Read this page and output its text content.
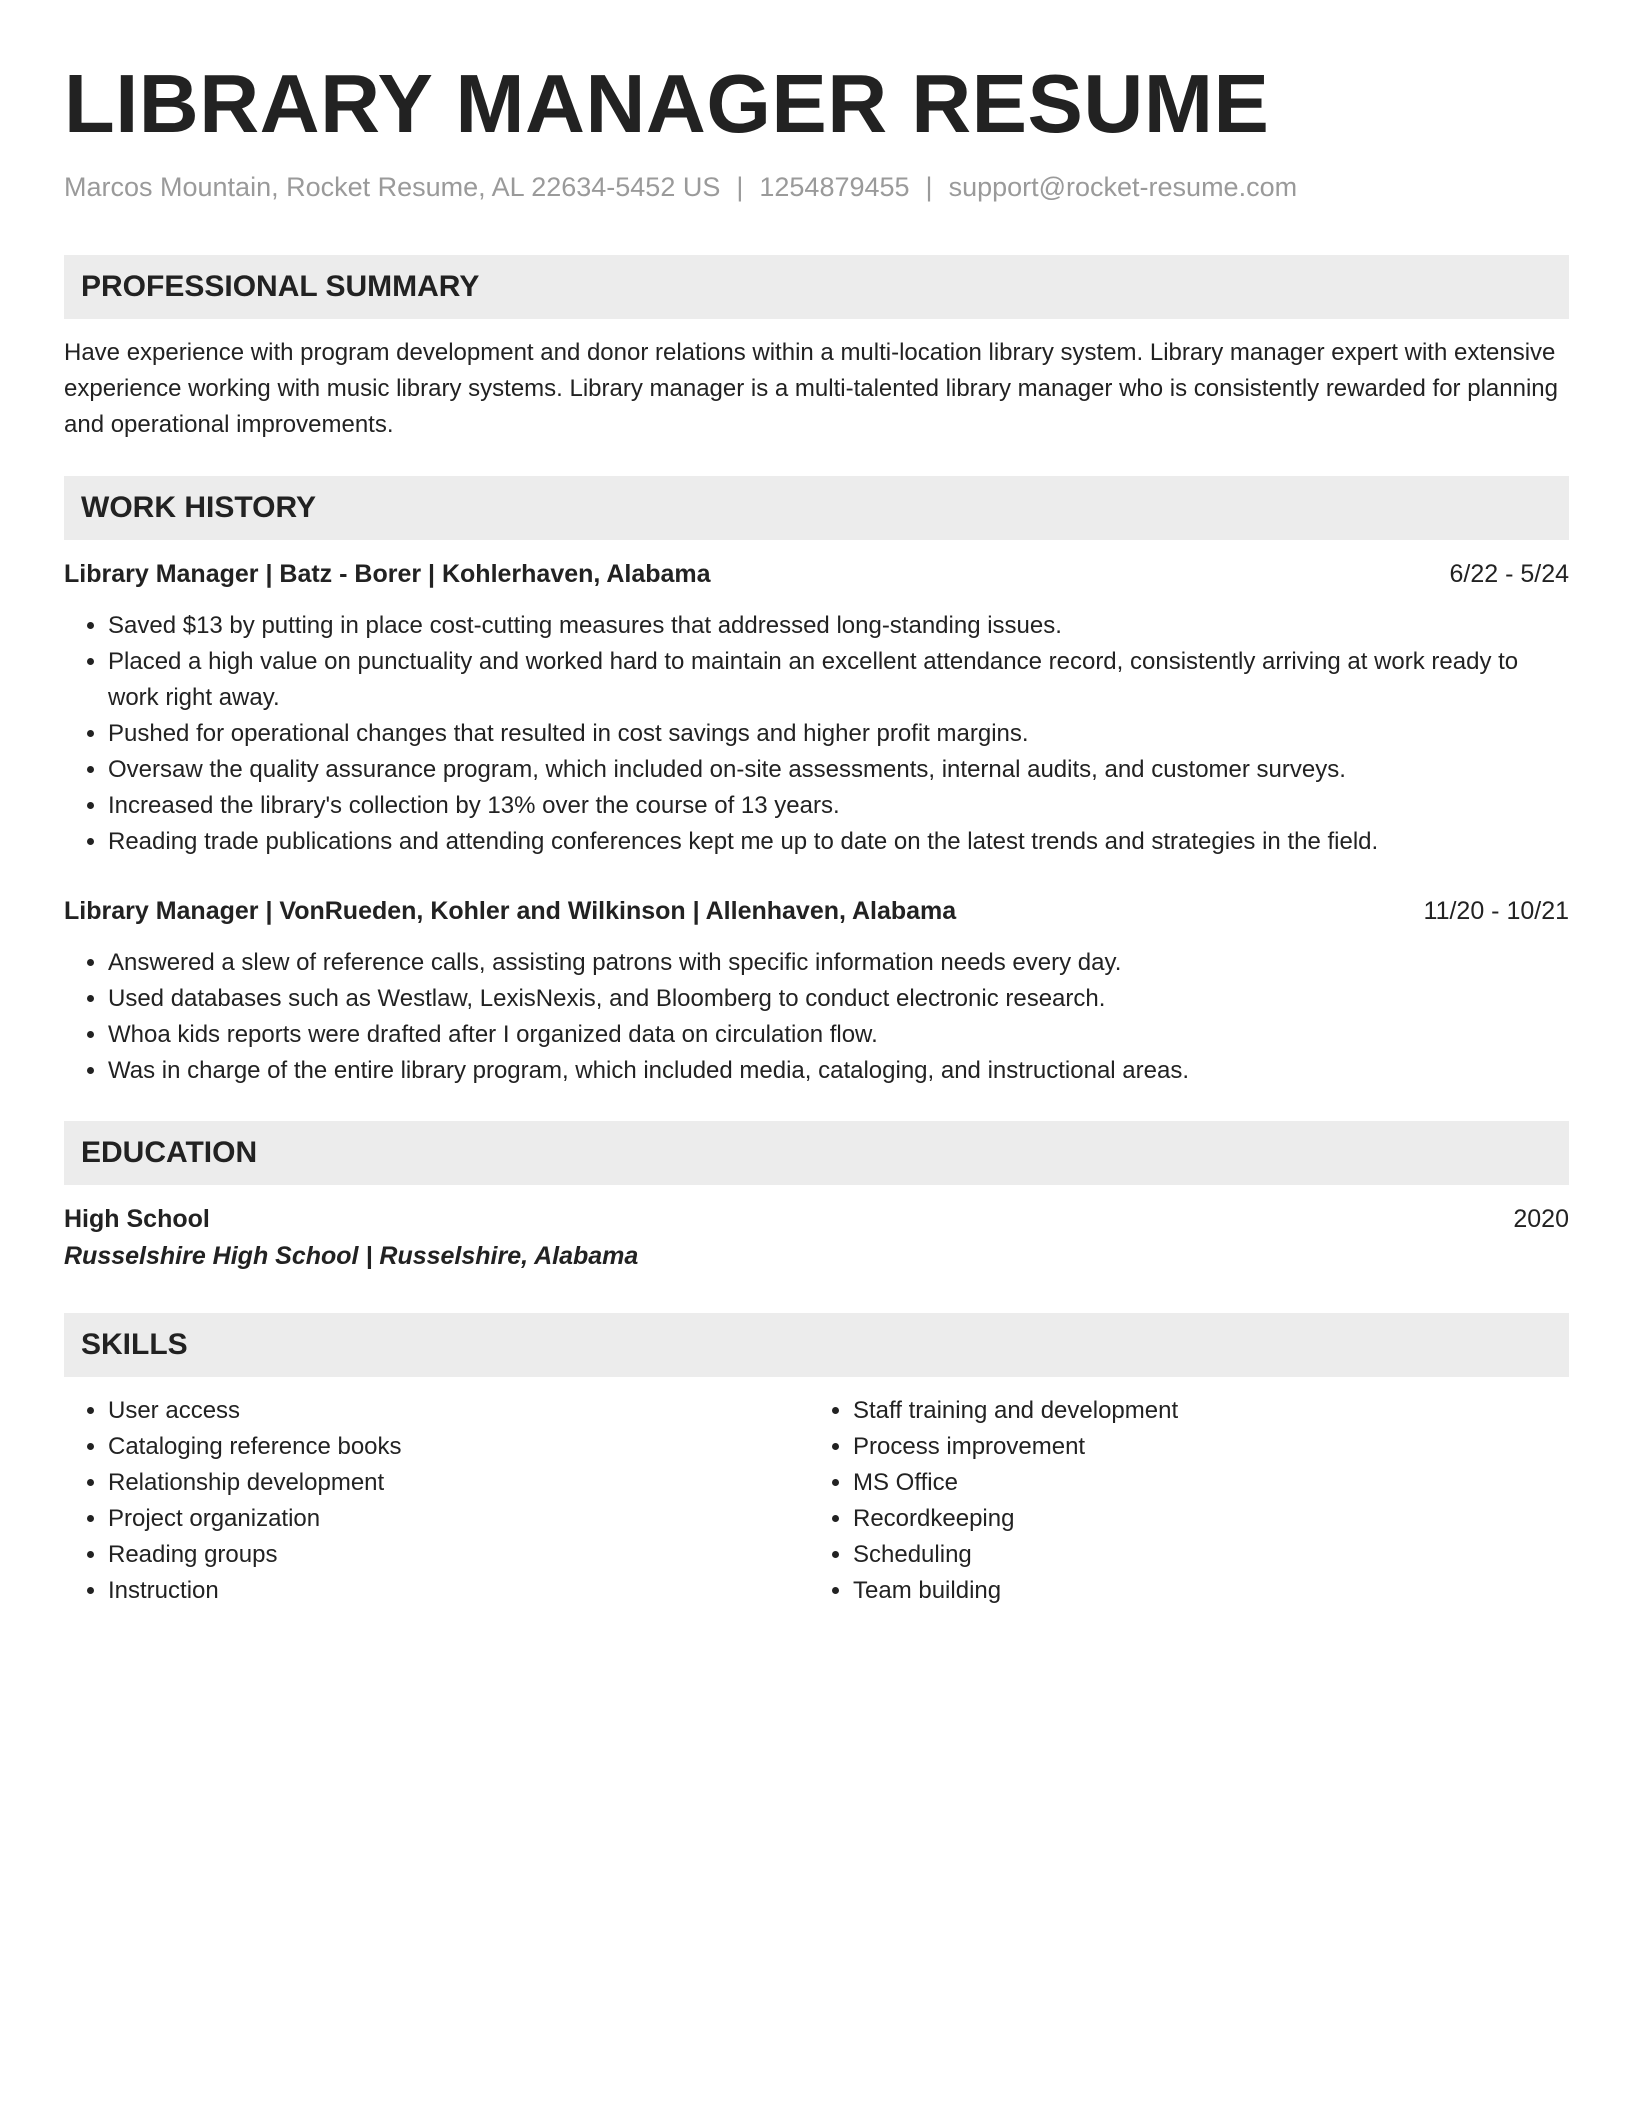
LIBRARY MANAGER RESUME
Marcos Mountain, Rocket Resume, AL 22634-5452 US | 1254879455 | support@rocket-resume.com
PROFESSIONAL SUMMARY

Have experience with program development and donor relations within a multi-location library system. Library manager expert with extensive experience working with music library systems. Library manager is a multi-talented library manager who is consistently rewarded for planning and operational improvements.

WORK HISTORY
Library Manager | Batz - Borer | Kohlerhaven, Alabama	6/22 - 5/24
• Saved $13 by putting in place cost-cutting measures that addressed long-standing issues.
• Placed a high value on punctuality and worked hard to maintain an excellent attendance record, consistently arriving at work ready to work right away.
• Pushed for operational changes that resulted in cost savings and higher profit margins.
• Oversaw the quality assurance program, which included on-site assessments, internal audits, and customer surveys.
• Increased the library's collection by 13% over the course of 13 years.
• Reading trade publications and attending conferences kept me up to date on the latest trends and strategies in the field.
Library Manager | VonRueden, Kohler and Wilkinson | Allenhaven, Alabama	11/20 - 10/21
• Answered a slew of reference calls, assisting patrons with specific information needs every day.
• Used databases such as Westlaw, LexisNexis, and Bloomberg to conduct electronic research.
• Whoa kids reports were drafted after I organized data on circulation flow.
• Was in charge of the entire library program, which included media, cataloging, and instructional areas.
EDUCATION
High School	2020
Russelshire High School | Russelshire, Alabama
SKILLS
• User access
• Cataloging reference books
• Relationship development
• Project organization
• Reading groups
• Instruction
• Staff training and development
• Process improvement
• MS Office
• Recordkeeping
• Scheduling
• Team building
